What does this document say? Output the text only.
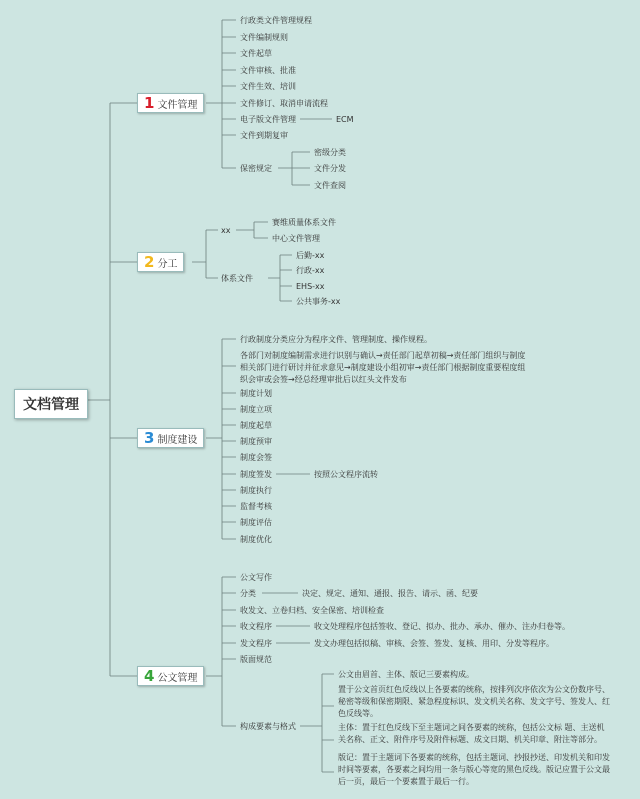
文档管理
1 文件管理
行政类文件管理规程
文件编制规则
文件起草
文件审核、批准
文件生效、培训
文件修订、取消申请流程
电子版文件管理
文件到期复审
保密规定
ECM
密级分类
文件分发
文件查阅
2 分工
xx
赛维质量体系文件
中心文件管理
体系文件
后勤-xx
行政-xx
EHS-xx
公共事务-xx
3 制度建设
行政制度分类应分为程序文件、管理制度、操作规程。
各部门对制度编制需求进行识别与确认→责任部门起草初稿→责任部门组织与制度相关部门进行研讨并征求意见→制度建设小组初审→责任部门根据制度重要程度组织会审或会签→经总经理审批后以红头文件发布
制度计划
制度立项
制度起草
制度预审
制度会签
制度签发
制度执行
监督考核
制度评估
制度优化
按照公文程序流转
4 公文管理
公文写作
分类
收发文、立卷归档、安全保密、培训检查
收文程序
发文程序
版面规范
构成要素与格式
决定、规定、通知、通报、报告、请示、函、纪要
收文处理程序包括签收、登记、拟办、批办、承办、催办、注办归卷等。
发文办理包括拟稿、审核、会签、签发、复核、用印、分发等程序。
公文由眉首、主体、版记三要素构成。
置于公文首页红色反线以上各要素的统称，按排列次序依次为公文份数序号、秘密等级和保密期限、紧急程度标识、发文机关名称、发文字号、签发人、红色反线等。
主体：置于红色反线下至主题词之间各要素的统称，包括公文标 题、主送机关名称、正文、附件序号及附件标题、成文日期、机关印章、附注等部分。
版记：置于主题词下各要素的统称，包括主题词、抄报抄送、印发机关和印发时间等要素，各要素之间均用一条与版心等宽的黑色反线。版记应置于公文最后一页，最后一个要素置于最后一行。
